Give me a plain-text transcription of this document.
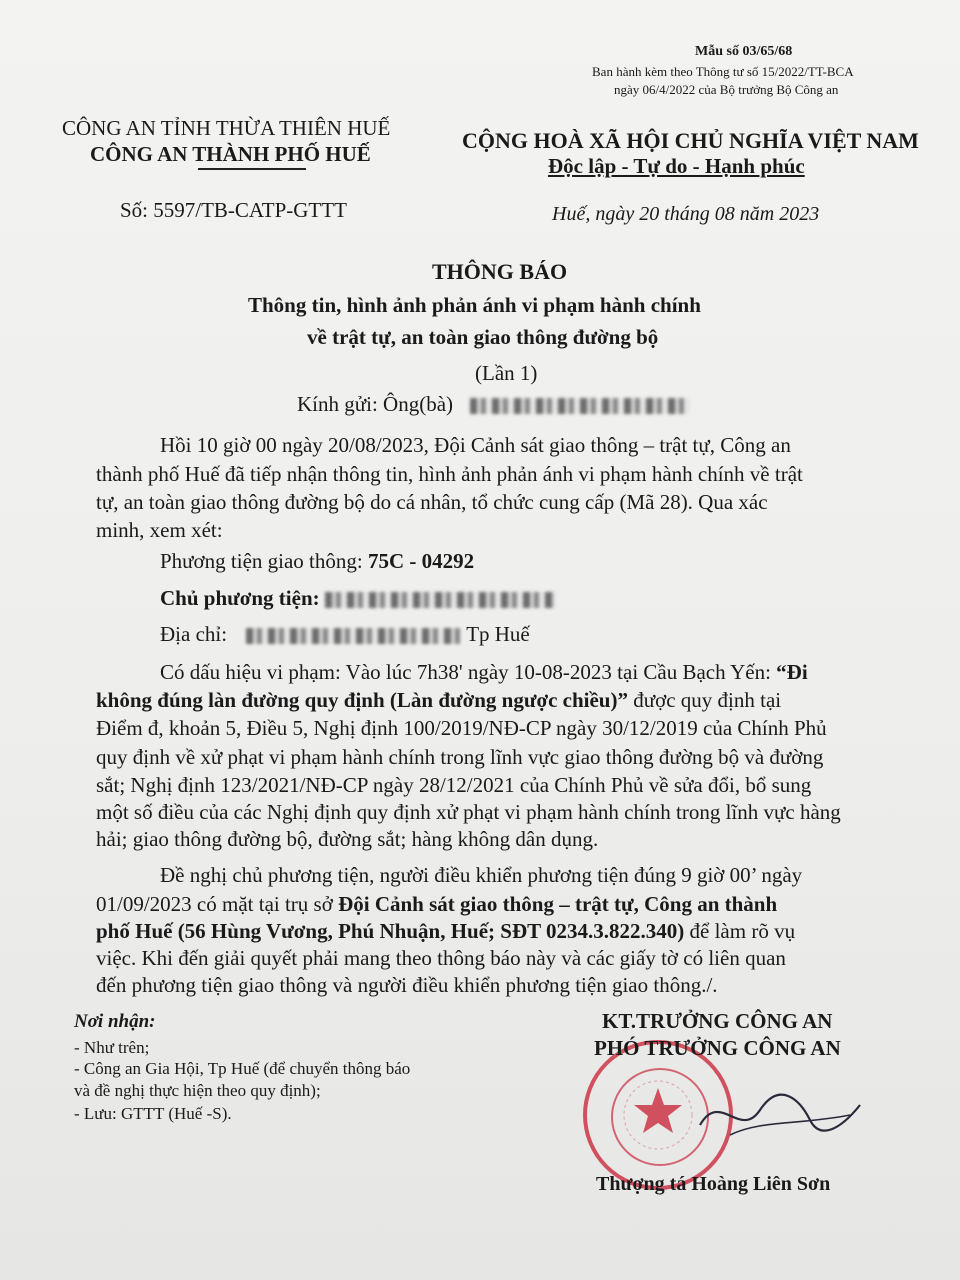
Mẫu số 03/65/68
Ban hành kèm theo Thông tư số 15/2022/TT-BCA
ngày 06/4/2022 của Bộ trưởng Bộ Công an
CÔNG AN TỈNH THỪA THIÊN HUẾ
CÔNG AN THÀNH PHỐ HUẾ
Số: 5597/TB-CATP-GTTT
CỘNG HOÀ XÃ HỘI CHỦ NGHĨA VIỆT NAM
Độc lập - Tự do - Hạnh phúc
Huế, ngày 20 tháng 08 năm 2023
THÔNG BÁO
Thông tin, hình ảnh phản ánh vi phạm hành chính
về trật tự, an toàn giao thông đường bộ
(Lần 1)
Kính gửi: Ông(bà)
Hồi 10 giờ 00 ngày 20/08/2023, Đội Cảnh sát giao thông – trật tự, Công an
thành phố Huế đã tiếp nhận thông tin, hình ảnh phản ánh vi phạm hành chính về trật
tự, an toàn giao thông đường bộ do cá nhân, tổ chức cung cấp (Mã 28). Qua xác
minh, xem xét:
Phương tiện giao thông: 75C - 04292
Chủ phương tiện:
Địa chỉ:	Tp Huế
Có dấu hiệu vi phạm: Vào lúc 7h38' ngày 10-08-2023 tại Cầu Bạch Yến: “Đi
không đúng làn đường quy định (Làn đường ngược chiều)” được quy định tại
Điểm đ, khoản 5, Điều 5, Nghị định 100/2019/NĐ-CP ngày 30/12/2019 của Chính Phủ
quy định về xử phạt vi phạm hành chính trong lĩnh vực giao thông đường bộ và đường
sắt; Nghị định 123/2021/NĐ-CP ngày 28/12/2021 của Chính Phủ về sửa đổi, bổ sung
một số điều của các Nghị định quy định xử phạt vi phạm hành chính trong lĩnh vực hàng
hải; giao thông đường bộ, đường sắt; hàng không dân dụng.
Đề nghị chủ phương tiện, người điều khiển phương tiện đúng 9 giờ 00’ ngày
01/09/2023 có mặt tại trụ sở Đội Cảnh sát giao thông – trật tự, Công an thành
phố Huế (56 Hùng Vương, Phú Nhuận, Huế; SĐT 0234.3.822.340) để làm rõ vụ
việc. Khi đến giải quyết phải mang theo thông báo này và các giấy tờ có liên quan
đến phương tiện giao thông và người điều khiển phương tiện giao thông./.
Nơi nhận:
- Như trên;
- Công an Gia Hội, Tp Huế (để chuyển thông báo
và đề nghị thực hiện theo quy định);
- Lưu: GTTT (Huế -S).
KT.TRƯỞNG CÔNG AN
PHÓ TRƯỞNG CÔNG AN
Thượng tá Hoàng Liên Sơn
